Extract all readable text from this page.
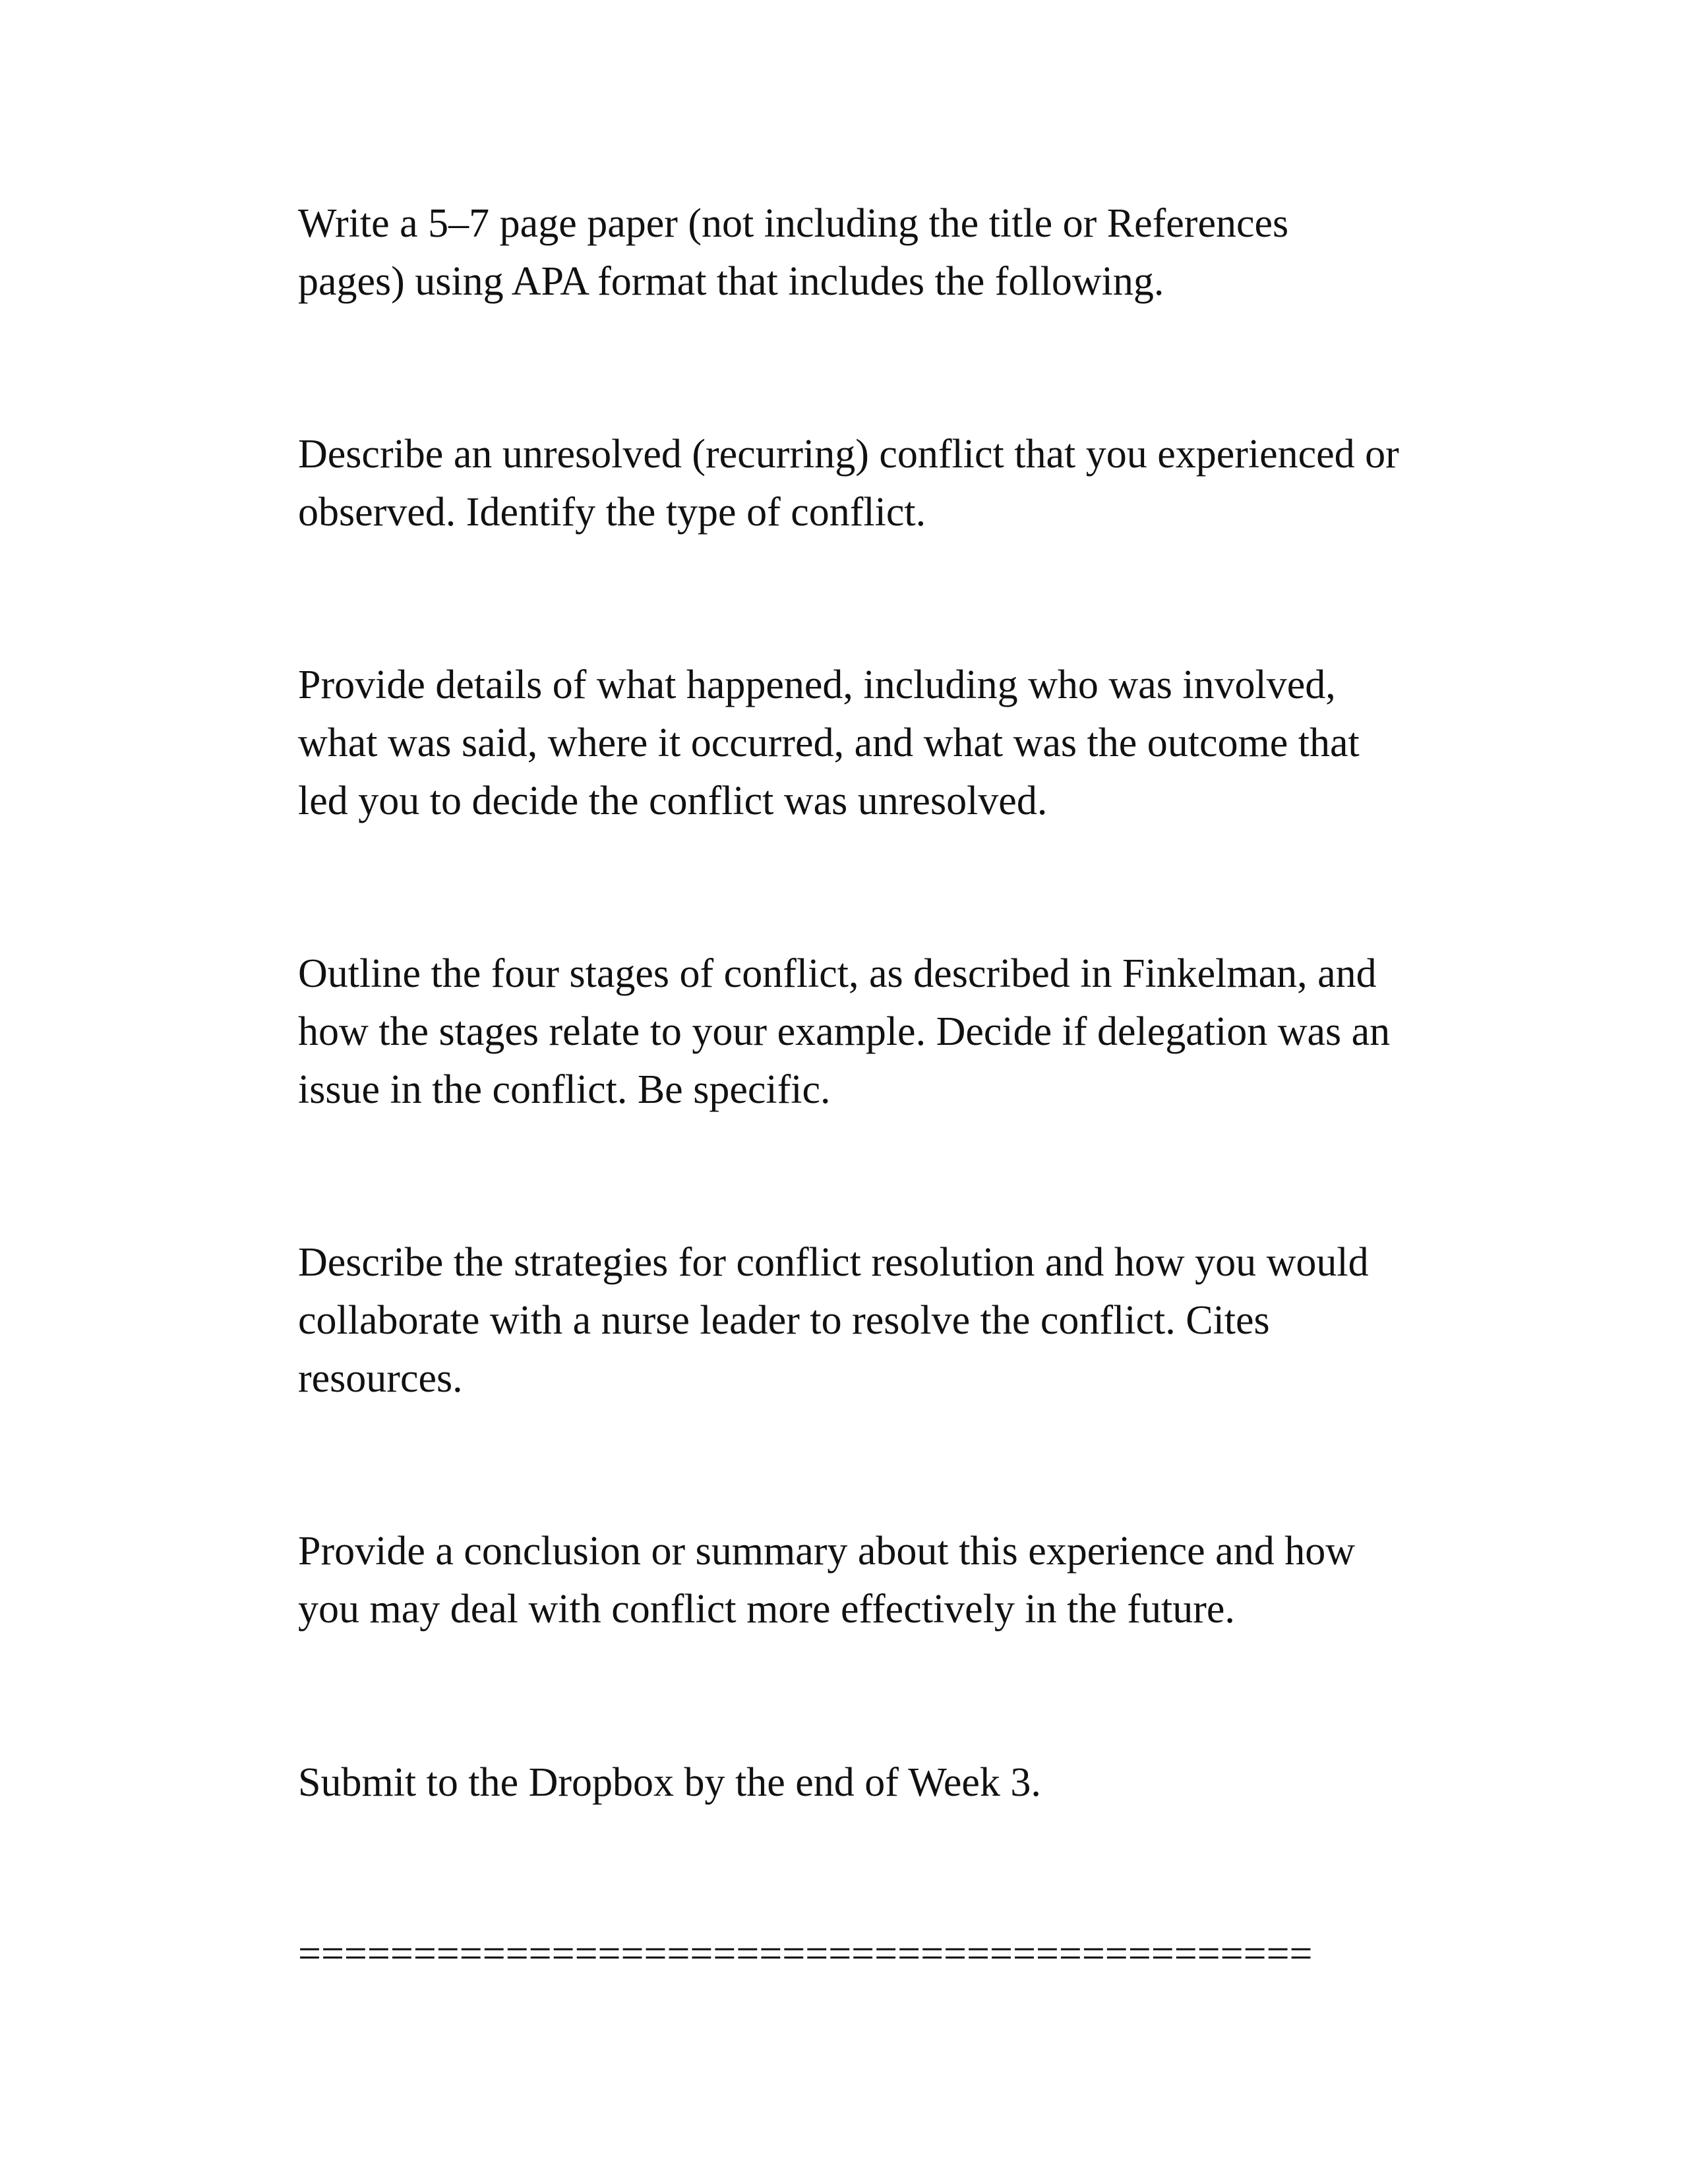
Write a 5–7 page paper (not including the title or References
pages) using APA format that includes the following.

Describe an unresolved (recurring) conflict that you experienced or
observed. Identify the type of conflict.

Provide details of what happened, including who was involved,
what was said, where it occurred, and what was the outcome that
led you to decide the conflict was unresolved.

Outline the four stages of conflict, as described in Finkelman, and
how the stages relate to your example. Decide if delegation was an
issue in the conflict. Be specific.

Describe the strategies for conflict resolution and how you would
collaborate with a nurse leader to resolve the conflict. Cites
resources.

Provide a conclusion or summary about this experience and how
you may deal with conflict more effectively in the future.

Submit to the Dropbox by the end of Week 3.

============================================
